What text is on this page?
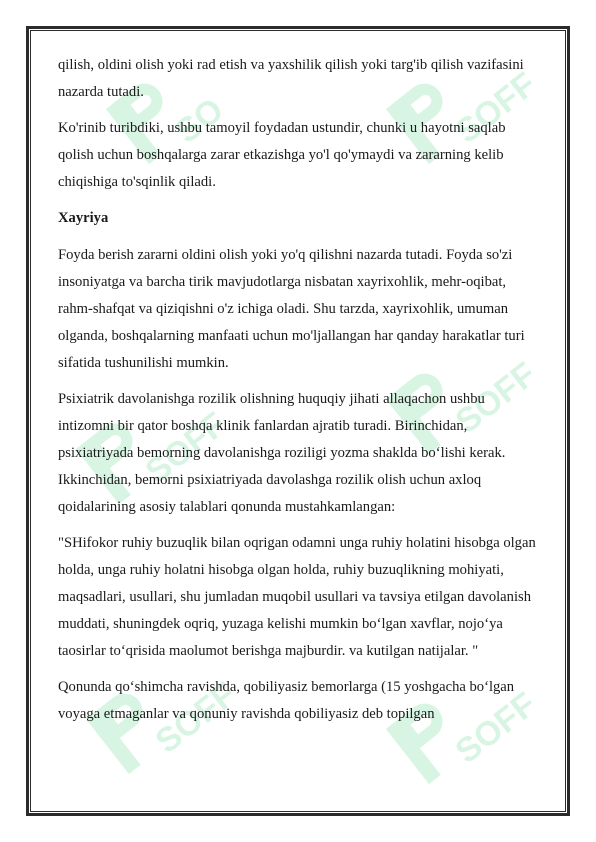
qilish, oldini olish yoki rad etish va yaxshilik qilish yoki targ'ib qilish vazifasini nazarda tutadi.

Ko'rinib turibdiki, ushbu tamoyil foydadan ustundir, chunki u hayotni saqlab qolish uchun boshqalarga zarar etkazishga yo'l qo'ymaydi va zararning kelib chiqishiga to'sqinlik qiladi.

Xayriya

Foyda berish zararni oldini olish yoki yo'q qilishni nazarda tutadi. Foyda so'zi insoniyatga va barcha tirik mavjudotlarga nisbatan xayrixohlik, mehr-oqibat, rahm-shafqat va qiziqishni o'z ichiga oladi. Shu tarzda, xayrixohlik, umuman olganda, boshqalarning manfaati uchun mo'ljallangan har qanday harakatlar turi sifatida tushunilishi mumkin.

Psixiatrik davolanishga rozilik olishning huquqiy jihati allaqachon ushbu intizomni bir qator boshqa klinik fanlardan ajratib turadi. Birinchidan, psixiatriyada bemorning davolanishga roziligi yozma shaklda bo‘lishi kerak. Ikkinchidan, bemorni psixiatriyada davolashga rozilik olish uchun axloq qoidalarining asosiy talablari qonunda mustahkamlangan:

"SHifokor ruhiy buzuqlik bilan oqrigan odamni unga ruhiy holatini hisobga olgan holda, unga ruhiy holatni hisobga olgan holda, ruhiy buzuqlikning mohiyati, maqsadlari, usullari, shu jumladan muqobil usullari va tavsiya etilgan davolanish muddati, shuningdek oqriq, yuzaga kelishi mumkin bo‘lgan xavflar, nojo‘ya taosirlar to‘qrisida maolumot berishga majburdir. va kutilgan natijalar. "

Qonunda qo‘shimcha ravishda, qobiliyasiz bemorlarga (15 yoshgacha bo‘lgan voyaga etmaganlar va qonuniy ravishda qobiliyasiz deb topilgan
